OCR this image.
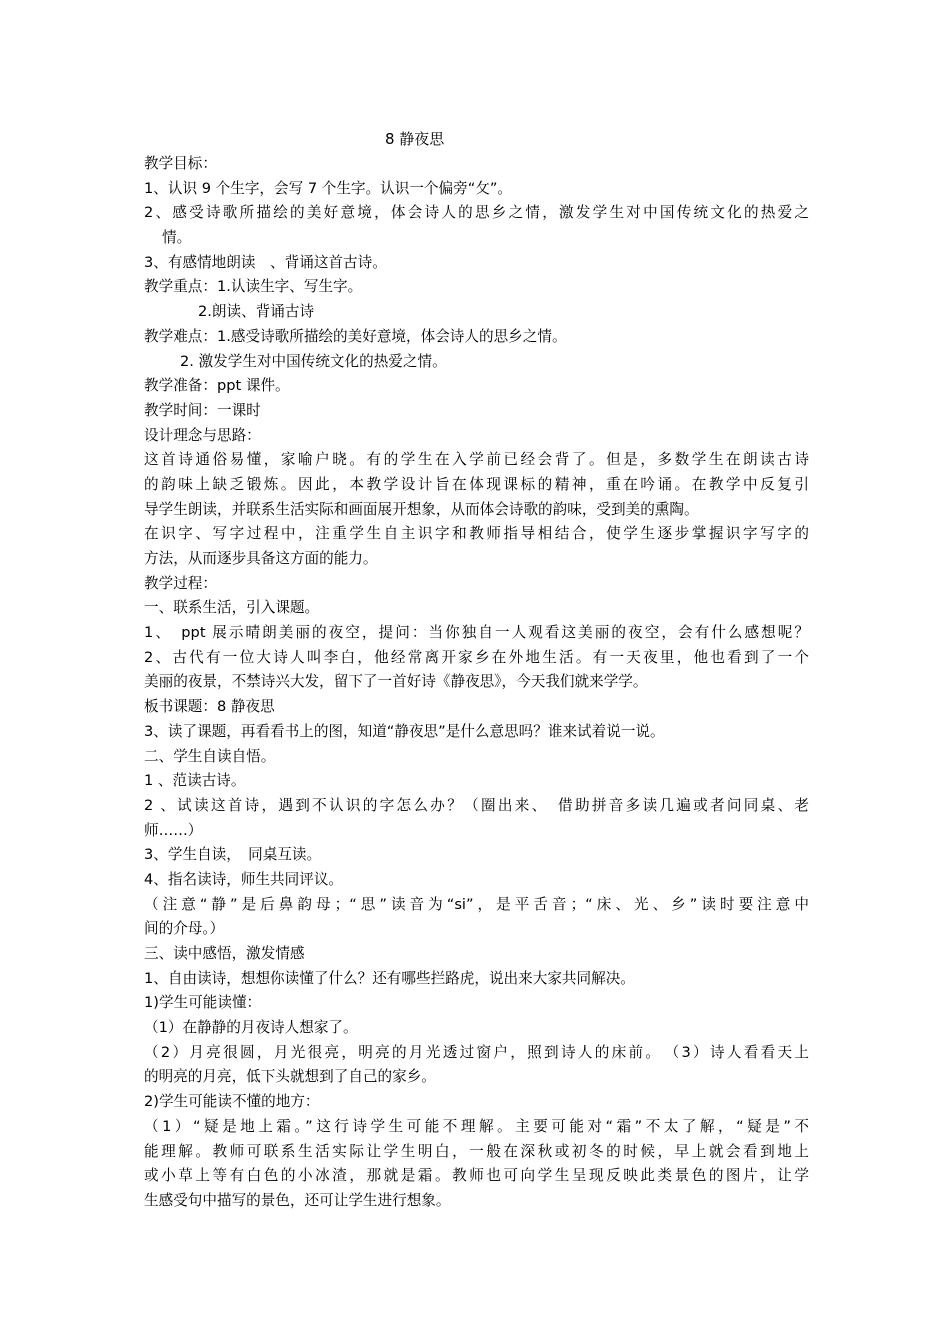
8 静夜思
教学目标：
1、认识 9 个生字，会写 7 个生字。认识一个偏旁“攵”。
2、感受诗歌所描绘的美好意境，体会诗人的思乡之情，激发学生对中国传统文化的热爱之
情。
3、有感情地朗读　、背诵这首古诗。
教学重点：1.认读生字、写生字。
2.朗读、背诵古诗
教学难点：1.感受诗歌所描绘的美好意境，体会诗人的思乡之情。
2. 激发学生对中国传统文化的热爱之情。
教学准备：ppt 课件。
教学时间：一课时
设计理念与思路：
这首诗通俗易懂，家喻户晓。有的学生在入学前已经会背了。但是，多数学生在朗读古诗
的韵味上缺乏锻炼。因此，本教学设计旨在体现课标的精神，重在吟诵。在教学中反复引
导学生朗读，并联系生活实际和画面展开想象，从而体会诗歌的韵味，受到美的熏陶。
在识字、写字过程中，注重学生自主识字和教师指导相结合，使学生逐步掌握识字写字的
方法，从而逐步具备这方面的能力。
教学过程：
一、联系生活，引入课题。
1、　ppt 展示晴朗美丽的夜空，提问：当你独自一人观看这美丽的夜空，会有什么感想呢？
2、古代有一位大诗人叫李白，他经常离开家乡在外地生活。有一天夜里，他也看到了一个
美丽的夜景，不禁诗兴大发，留下了一首好诗《静夜思》，今天我们就来学学。
板书课题：8 静夜思
3、读了课题，再看看书上的图，知道“静夜思”是什么意思吗？谁来试着说一说。
二、学生自读自悟。
1 、范读古诗。
2 、试读这首诗，遇到不认识的字怎么办？（圈出来、　借助拼音多读几遍或者问同桌、老
师……）
3、学生自读，　同桌互读。
4、指名读诗，师生共同评议。
（注意“静”是后鼻韵母；“思”读音为“si”，是平舌音；“床、光、乡”读时要注意中
间的介母。）
三、读中感悟，激发情感
1、自由读诗，想想你读懂了什么？还有哪些拦路虎，说出来大家共同解决。
1)学生可能读懂：
（1）在静静的月夜诗人想家了。
（2）月亮很圆，月光很亮，明亮的月光透过窗户，照到诗人的床前。　（3）诗人看看天上
的明亮的月亮，低下头就想到了自己的家乡。
2)学生可能读不懂的地方：
（1）“疑是地上霜。”这行诗学生可能不理解。主要可能对“霜”不太了解，“疑是”不
能理解。教师可联系生活实际让学生明白，一般在深秋或初冬的时候，早上就会看到地上
或小草上等有白色的小冰渣，那就是霜。教师也可向学生呈现反映此类景色的图片，让学
生感受句中描写的景色，还可让学生进行想象。
